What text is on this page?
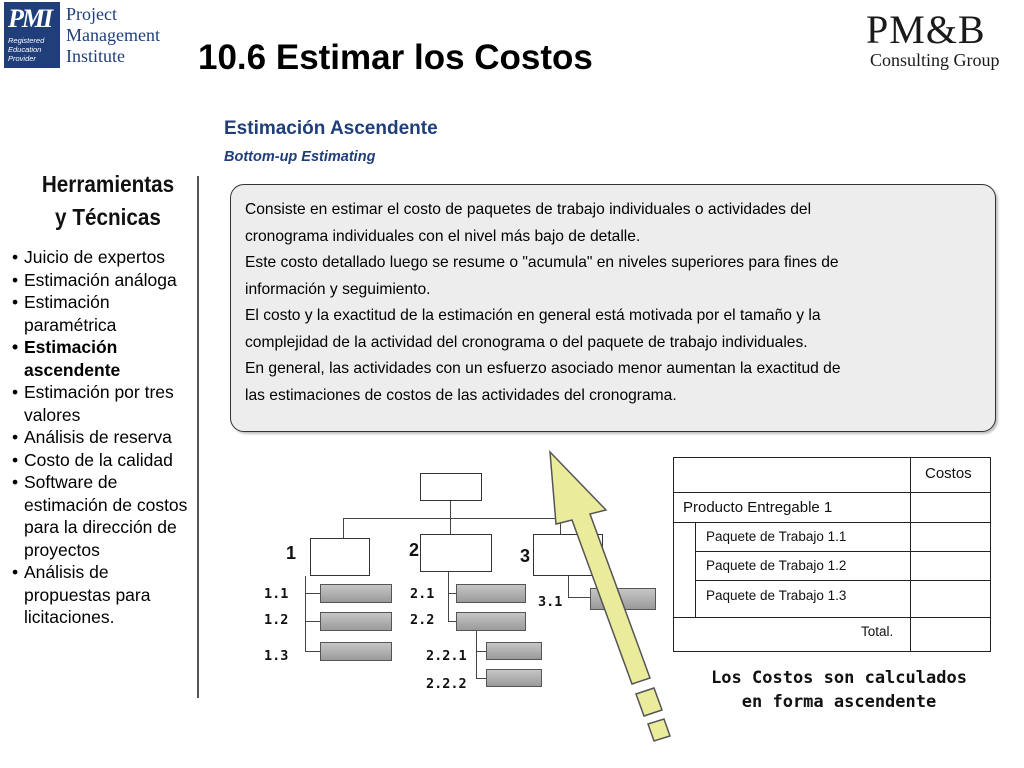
PMI
Registered
Education
Provider
Project
Management
Institute
PM&B
Consulting Group
10.6 Estimar los Costos
Estimación Ascendente
Bottom-up Estimating
Herramientas
y Técnicas
• Juicio de expertos
• Estimación análoga
• Estimación paramétrica
• Estimación ascendente
• Estimación por tres valores
• Análisis de reserva
• Costo de la calidad
• Software de estimación de costos para la dirección de proyectos
• Análisis de propuestas para licitaciones.

Consiste en estimar el costo de paquetes de trabajo individuales o actividades del

cronograma individuales con el nivel más bajo de detalle.

Este costo detallado luego se resume o "acumula" en niveles superiores para fines de

información y seguimiento.

El costo y la exactitud de la estimación en general está motivada por el tamaño y la

complejidad de la actividad del cronograma o del paquete de trabajo individuales.

En general, las actividades con un esfuerzo asociado menor aumentan la exactitud de

las estimaciones de costos de las actividades del cronograma.

1	2	3
1.1
1.2
1.3
2.1
2.2
2.2.1
2.2.2
3.1
Costos
Producto Entregable 1
Paquete de Trabajo 1.1
Paquete de Trabajo 1.2
Paquete de Trabajo 1.3
Total.
Los Costos son calculados
en forma ascendente
